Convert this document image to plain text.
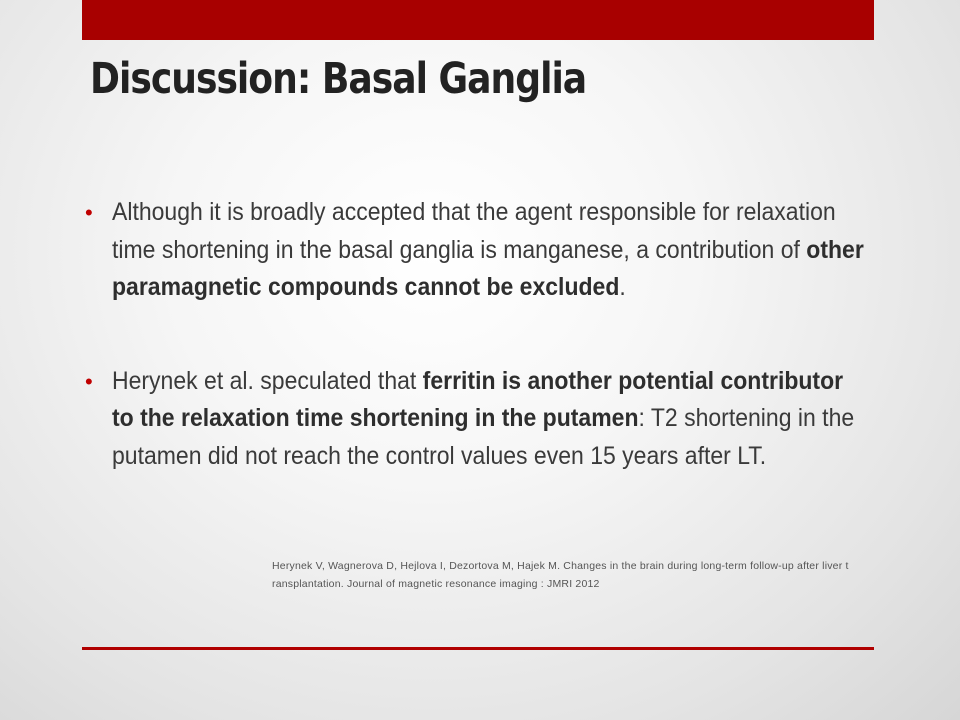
Discussion: Basal Ganglia
• Although it is broadly accepted that the agent responsible for relaxation time shortening in the basal ganglia is manganese, a contribution of other paramagnetic compounds cannot be excluded.
• Herynek et al. speculated that ferritin is another potential contributor to the relaxation time shortening in the putamen: T2 shortening in the putamen did not reach the control values even 15 years after LT.
Herynek V, Wagnerova D, Hejlova I, Dezortova M, Hajek M. Changes in the brain during long-term follow-up after liver t ransplantation. Journal of magnetic resonance imaging : JMRI 2012
